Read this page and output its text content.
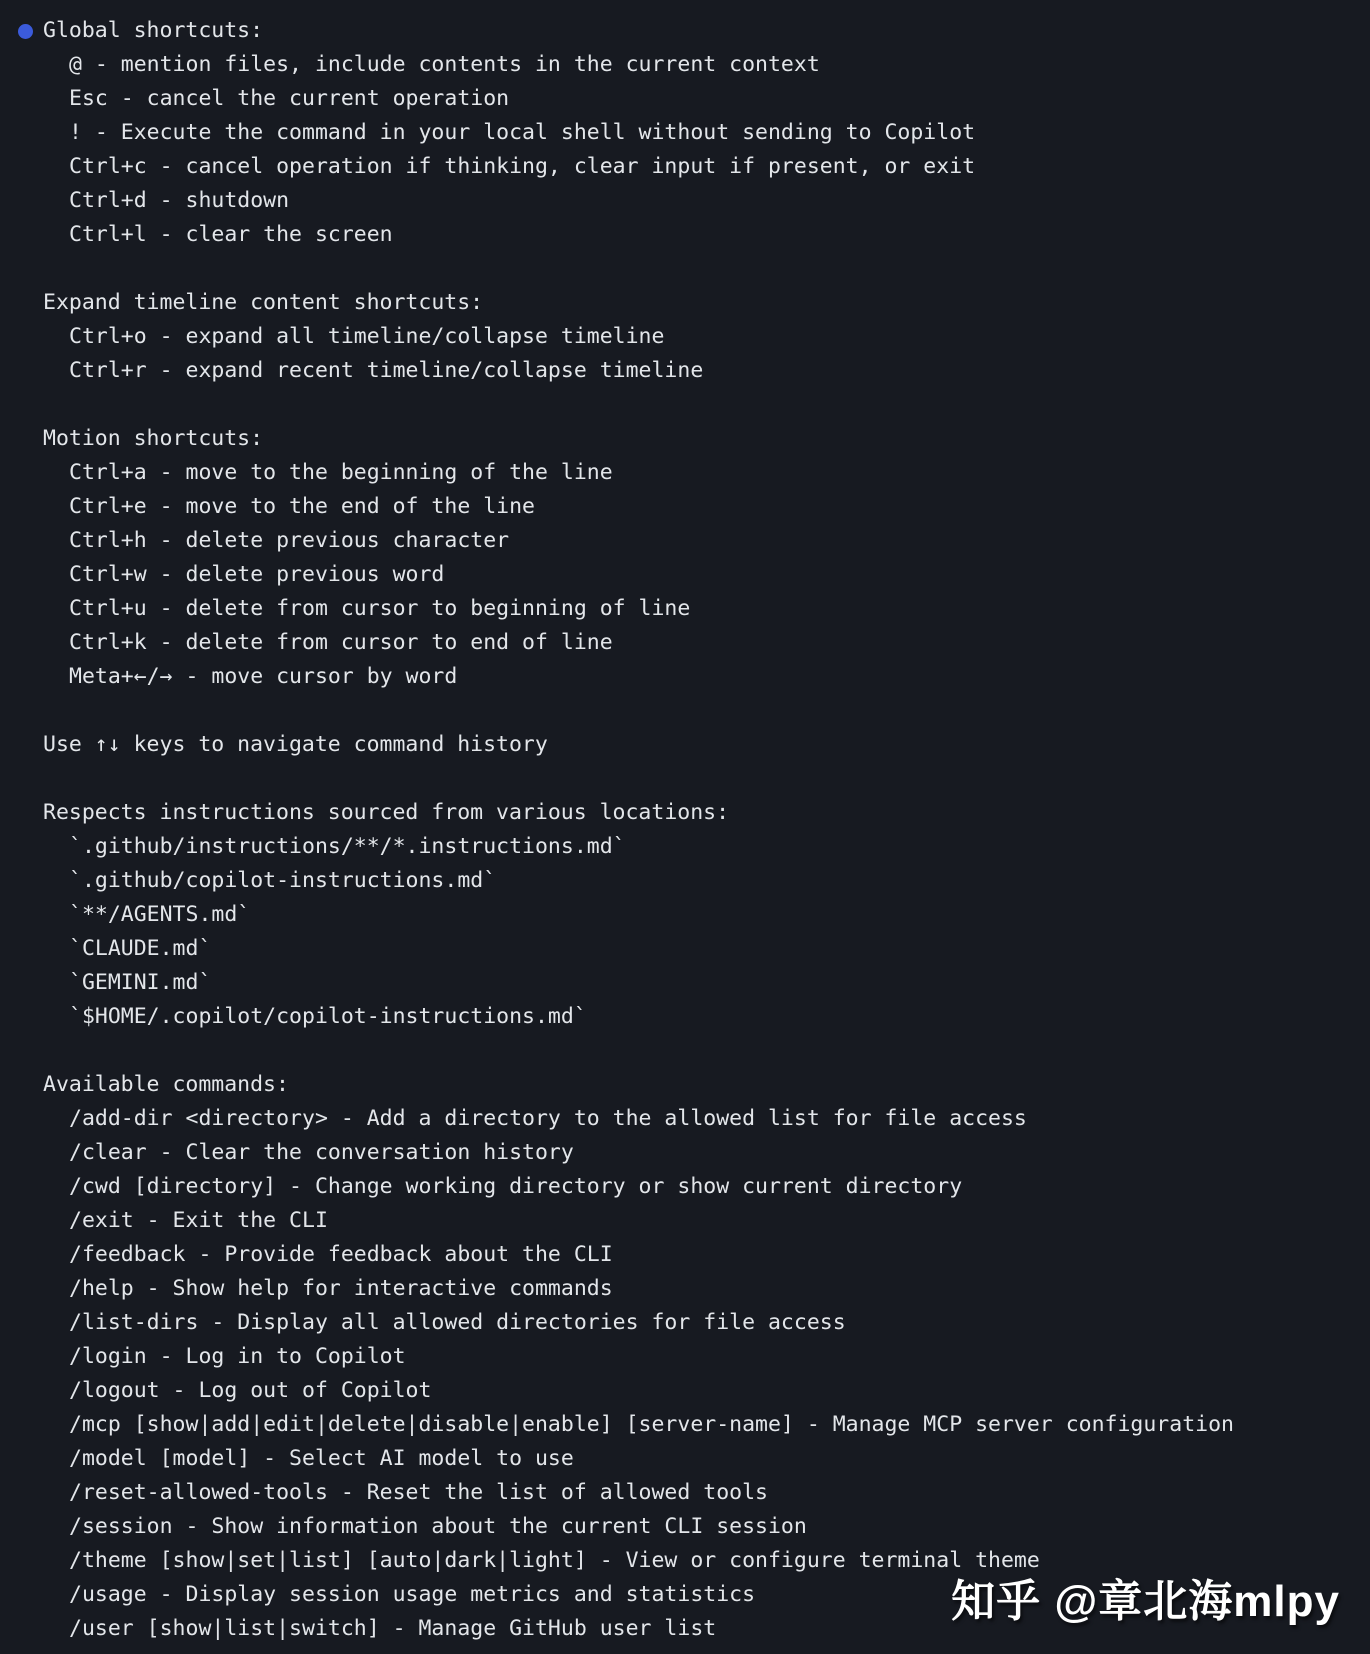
Global shortcuts:
@ - mention files, include contents in the current context
Esc - cancel the current operation
! - Execute the command in your local shell without sending to Copilot
Ctrl+c - cancel operation if thinking, clear input if present, or exit
Ctrl+d - shutdown
Ctrl+l - clear the screen
Expand timeline content shortcuts:
Ctrl+o - expand all timeline/collapse timeline
Ctrl+r - expand recent timeline/collapse timeline
Motion shortcuts:
Ctrl+a - move to the beginning of the line
Ctrl+e - move to the end of the line
Ctrl+h - delete previous character
Ctrl+w - delete previous word
Ctrl+u - delete from cursor to beginning of line
Ctrl+k - delete from cursor to end of line
Meta+←/→ - move cursor by word
Use ↑↓ keys to navigate command history
Respects instructions sourced from various locations:
`.github/instructions/**/*.instructions.md`
`.github/copilot-instructions.md`
`**/AGENTS.md`
`CLAUDE.md`
`GEMINI.md`
`$HOME/.copilot/copilot-instructions.md`
Available commands:
/add-dir <directory> - Add a directory to the allowed list for file access
/clear - Clear the conversation history
/cwd [directory] - Change working directory or show current directory
/exit - Exit the CLI
/feedback - Provide feedback about the CLI
/help - Show help for interactive commands
/list-dirs - Display all allowed directories for file access
/login - Log in to Copilot
/logout - Log out of Copilot
/mcp [show|add|edit|delete|disable|enable] [server-name] - Manage MCP server configuration
/model [model] - Select AI model to use
/reset-allowed-tools - Reset the list of allowed tools
/session - Show information about the current CLI session
/theme [show|set|list] [auto|dark|light] - View or configure terminal theme
/usage - Display session usage metrics and statistics
/user [show|list|switch] - Manage GitHub user list
知乎 @章北海mlpy
